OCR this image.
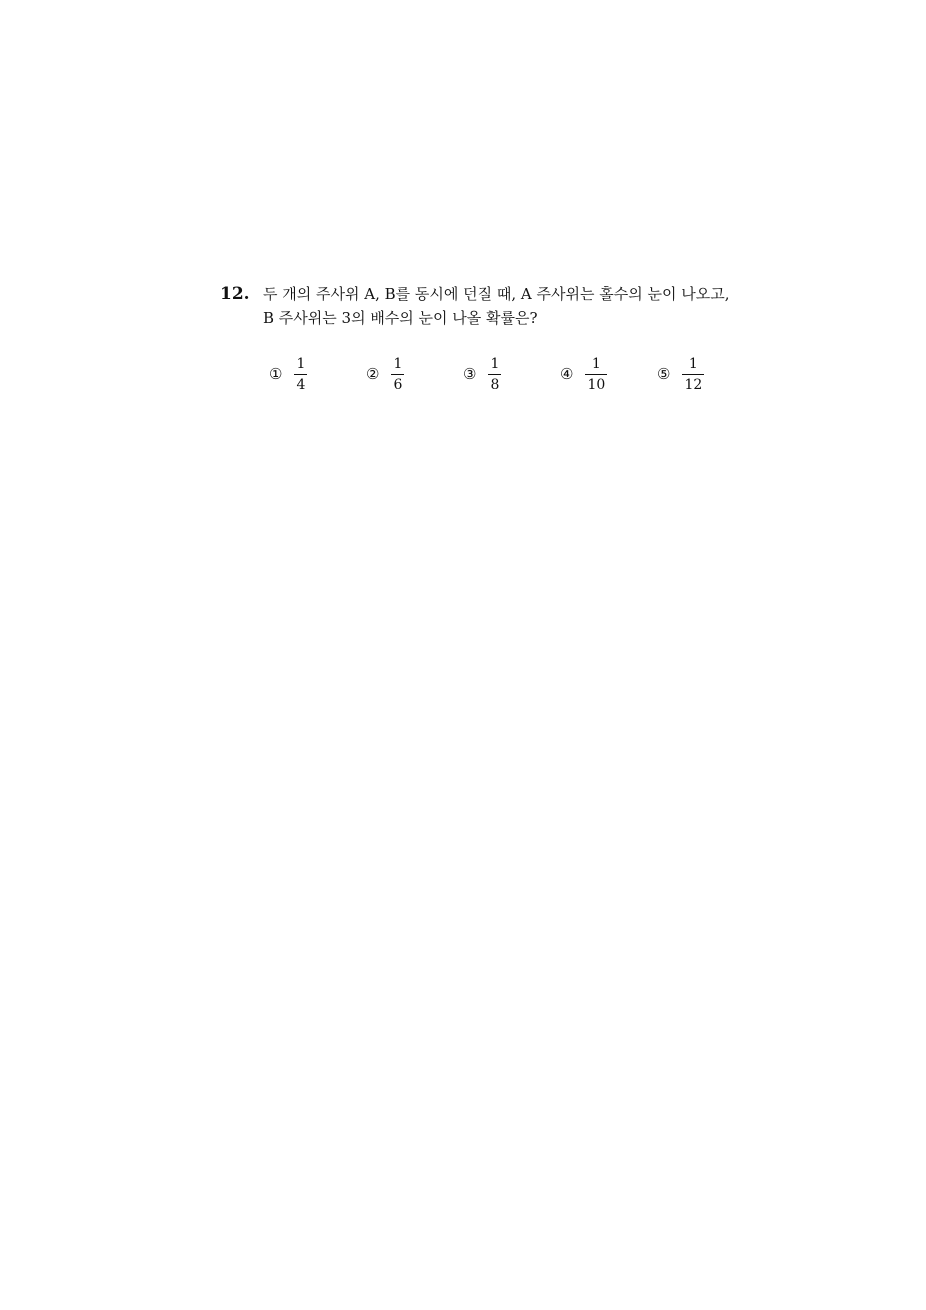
12. 두 개의 주사위 A, B를 동시에 던질 때, A 주사위는 홀수의 눈이 나오고,
B 주사위는 3의 배수의 눈이 나올 확률은?
① $\frac{1}{4}$	② $\frac{1}{6}$	③ $\frac{1}{8}$	④ $\frac{1}{10}$	⑤ $\frac{1}{12}$
